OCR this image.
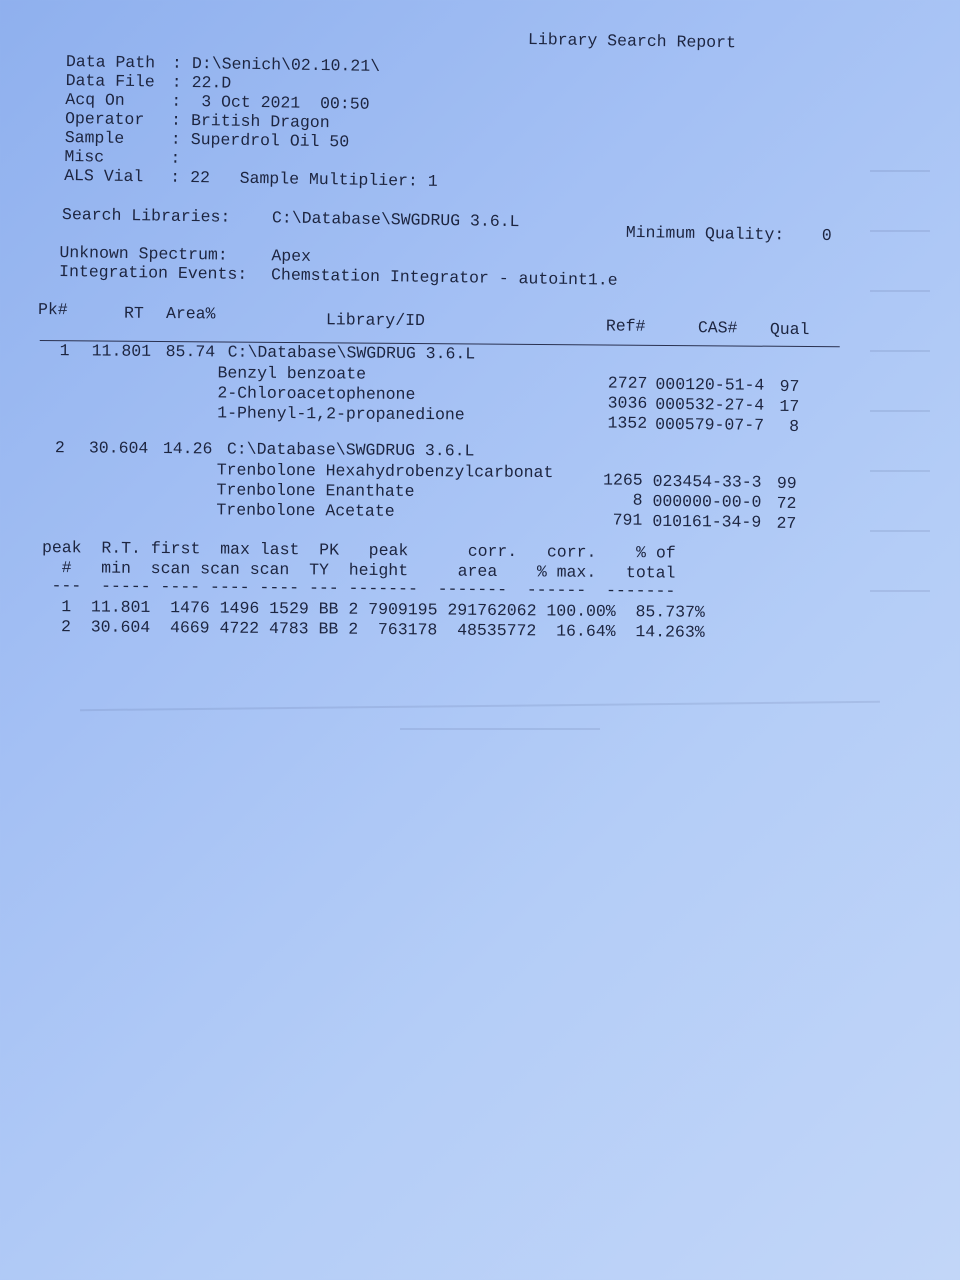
Library Search Report
Data Path : D:\Senich\02.10.21\
Data File : 22.D
Acq On	: 3 Oct 2021  00:50
Operator : British Dragon
Sample	: Superdrol Oil 50
Misc	:
ALS Vial : 22   Sample Multiplier: 1
Search Libraries:	C:\Database\SWGDRUG 3.6.L
Minimum Quality: 0
Unknown Spectrum:	Apex
Integration Events: Chemstation Integrator - autoint1.e
Pk#	RT Area%	Library/ID	Ref#	CAS# Qual
1 11.801 85.74 C:\Database\SWGDRUG 3.6.L
Benzyl benzoate	2727 000120-51-4 97
2-Chloroacetophenone	3036 000532-27-4 17
1-Phenyl-1,2-propanedione	1352 000579-07-7	8
2 30.604 14.26 C:\Database\SWGDRUG 3.6.L
Trenbolone Hexahydrobenzylcarbonat	1265 023454-33-3 99
Trenbolone Enanthate	8 000000-00-0 72
Trenbolone Acetate	791 010161-34-9 27
peak  R.T. first  max last  PK   peak      corr.   corr.    % of
#   min  scan scan scan  TY  height     area    % max.   total
---  ----- ---- ---- ---- --- -------  -------  ------  -------
1  11.801  1476 1496 1529 BB 2 7909195 291762062 100.00%  85.737%
2  30.604  4669 4722 4783 BB 2  763178  48535772  16.64%  14.263%
